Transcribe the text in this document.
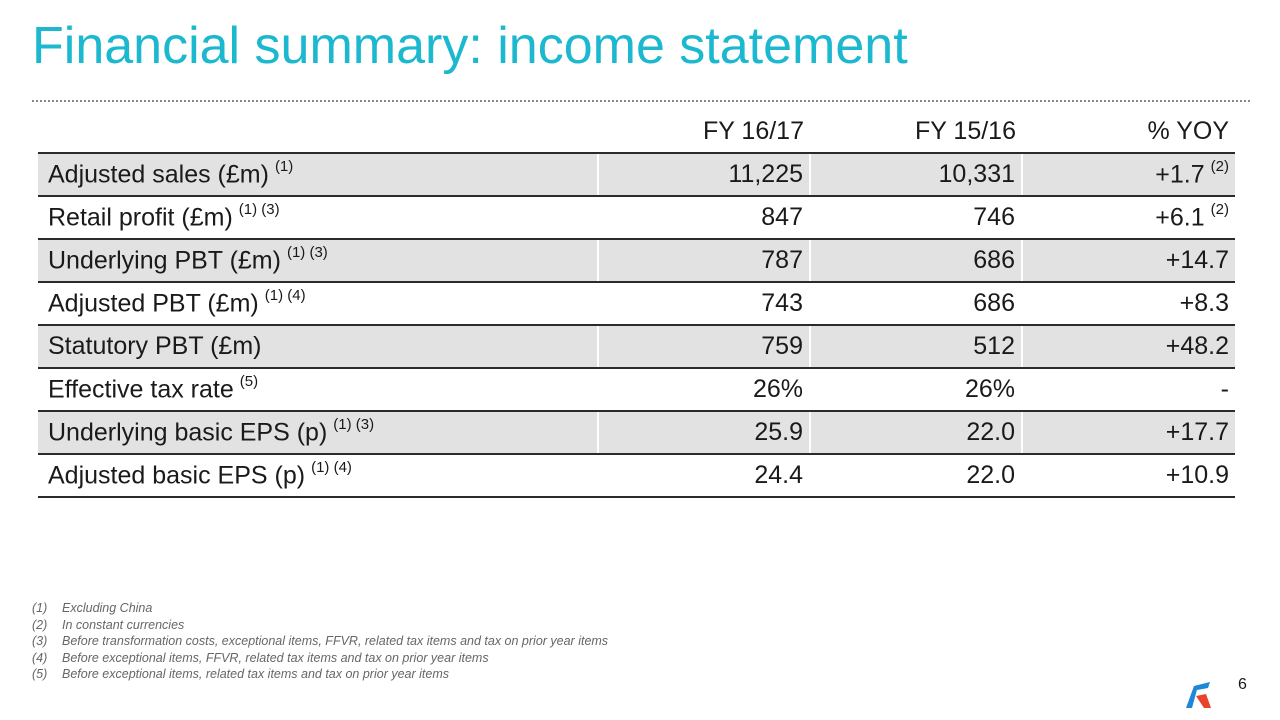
Financial summary: income statement
	FY 16/17	FY 15/16	% YOY
Adjusted sales (£m) $^{(1)}$	11,225	10,331	+1.7 $^{(2)}$
Retail profit (£m) $^{(1) (3)}$	847	746	+6.1 $^{(2)}$
Underlying PBT (£m) $^{(1) (3)}$	787	686	+14.7
Adjusted PBT (£m) $^{(1) (4)}$	743	686	+8.3
Statutory PBT (£m)	759	512	+48.2
Effective tax rate $^{(5)}$	26%	26%	-
Underlying basic EPS (p) $^{(1) (3)}$	25.9	22.0	+17.7
Adjusted basic EPS (p) $^{(1) (4)}$	24.4	22.0	+10.9
(1)	Excluding China
(2)	In constant currencies
(3)	Before transformation costs, exceptional items, FFVR, related tax items and tax on prior year items
(4)	Before exceptional items, FFVR, related tax items and tax on prior year items
(5)	Before exceptional items, related tax items and tax on prior year items
6
